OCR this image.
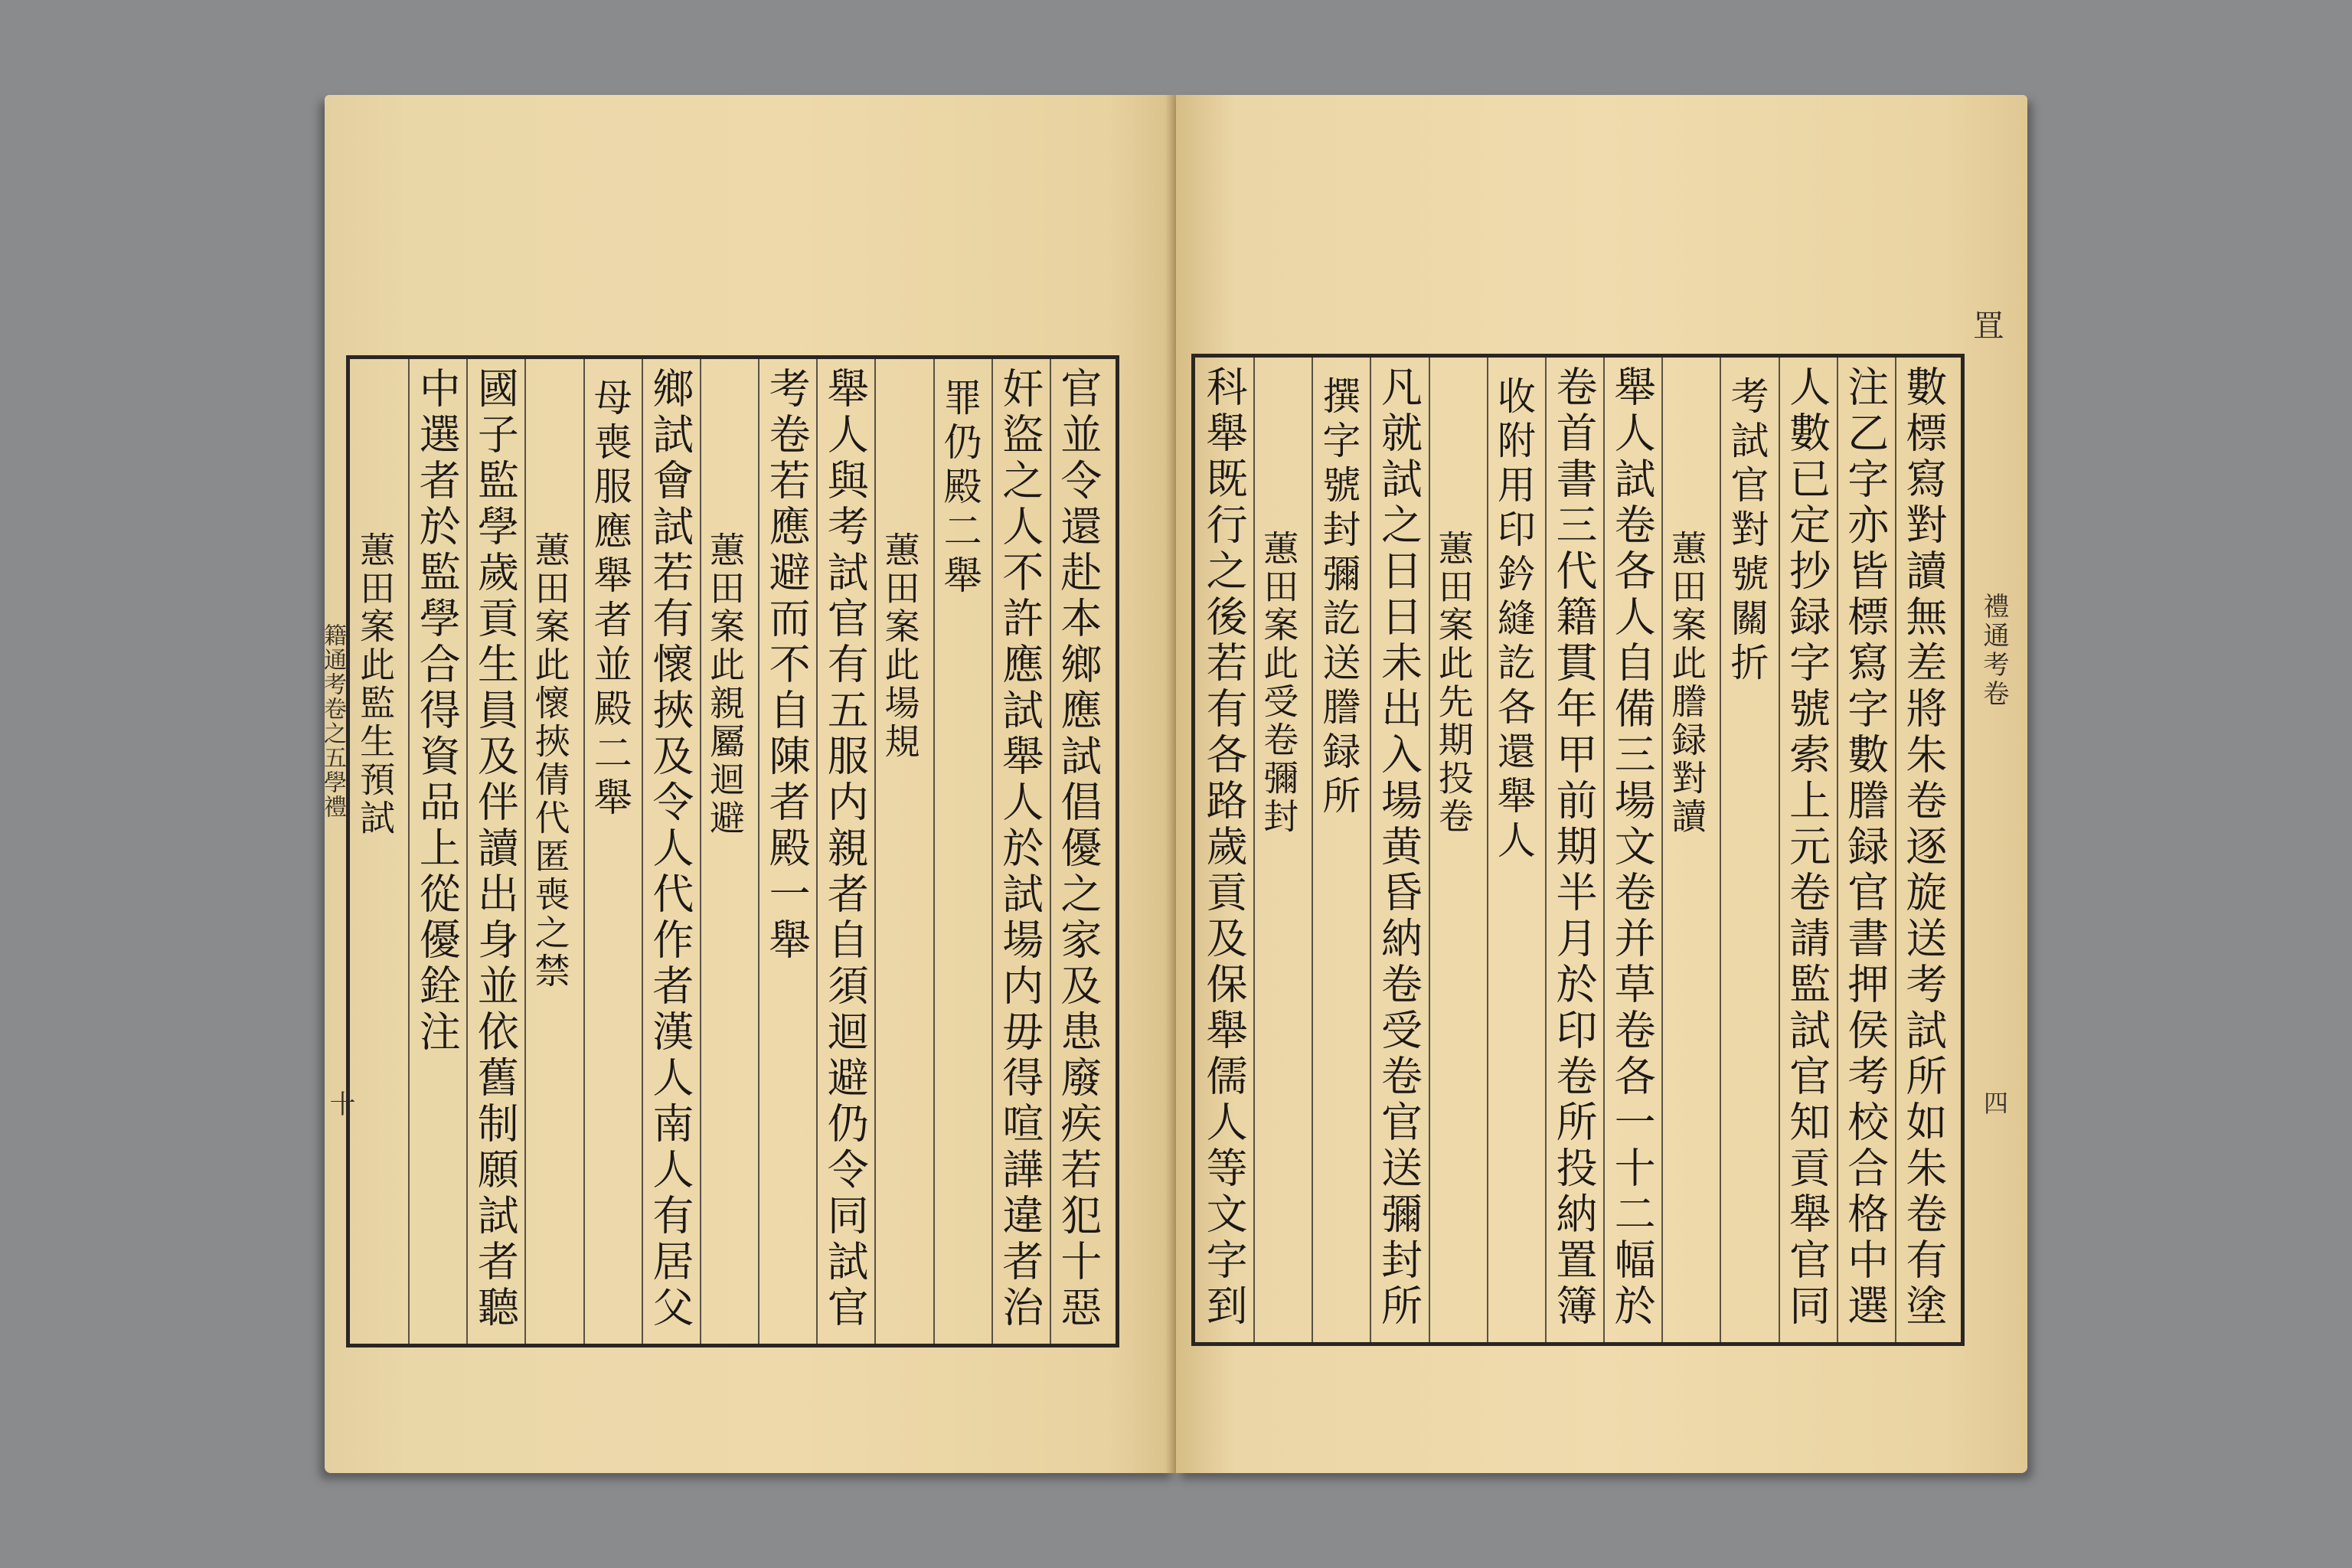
官並令還赴本鄉應試倡優之家及患廢疾若犯十惡
奸盜之人不許應試舉人於試場内毋得喧譁違者治
罪仍殿二舉
蕙田案此場規
舉人與考試官有五服内親者自須迴避仍令同試官
考卷若應避而不自陳者殿一舉
蕙田案此親屬迴避
鄉試會試若有懷挾及令人代作者漢人南人有居父
母喪服應舉者並殿二舉
蕙田案此懷挾倩代匿喪之禁
國子監學歲貢生員及伴讀出身並依舊制願試者聽
中選者於監學合得資品上從優銓注
蕙田案此監生預試
籍通考卷之五學禮
十	數標寫對讀無差將朱卷逐旋送考試所如朱卷有塗
注乙字亦皆標寫字數謄録官書押侯考校合格中選
人數已定抄録字號索上元卷請監試官知貢舉官同
考試官對號關折
蕙田案此謄録對讀
舉人試卷各人自備三場文卷并草卷各一十二幅於
卷首書三代籍貫年甲前期半月於印卷所投納置簿
收附用印鈐縫訖各還舉人
蕙田案此先期投卷
凡就試之日日未出入場黄昏納卷受卷官送彌封所
撰字號封彌訖送謄録所
蕙田案此受卷彌封
科舉既行之後若有各路歲貢及保舉儒人等文字到
罝
禮通考卷
四
